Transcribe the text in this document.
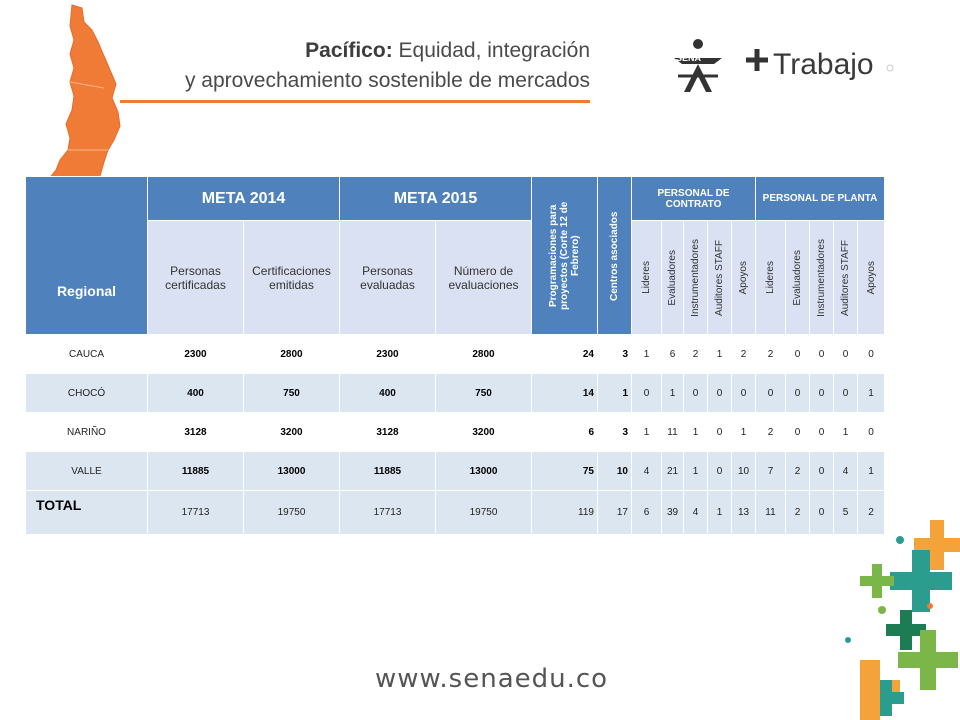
Pacífico: Equidad, integración
y aprovechamiento sostenible de mercados
SENA Trabajo
Regional	META 2014		META 2015		Programaciones para proyectos (Corte 12 de Febrero)	Centros asociados	PERSONAL DE CONTRATO					PERSONAL DE PLANTA				
	Personas certificadas	Certificaciones emitidas	Personas evaluadas	Número de evaluaciones			Lideres	Evaluadores	Instrumentadores	Auditores STAFF	Apoyos	Lideres	Evaluadores	Instrumentadores	Auditores STAFF	Apoyos

CAUCA	2300	2800	2300	2800	24	3	1	6	2	1	2	2	0	0	0	0
CHOCÓ	400	750	400	750	14	1	0	1	0	0	0	0	0	0	0	1
NARIÑO	3128	3200	3128	3200	6	3	1	11	1	0	1	2	0	0	1	0
VALLE	11885	13000	11885	13000	75	10	4	21	1	0	10	7	2	0	4	1
TOTAL	17713	19750	17713	19750	119	17	6	39	4	1	13	11	2	0	5	2
www.senaedu.co
